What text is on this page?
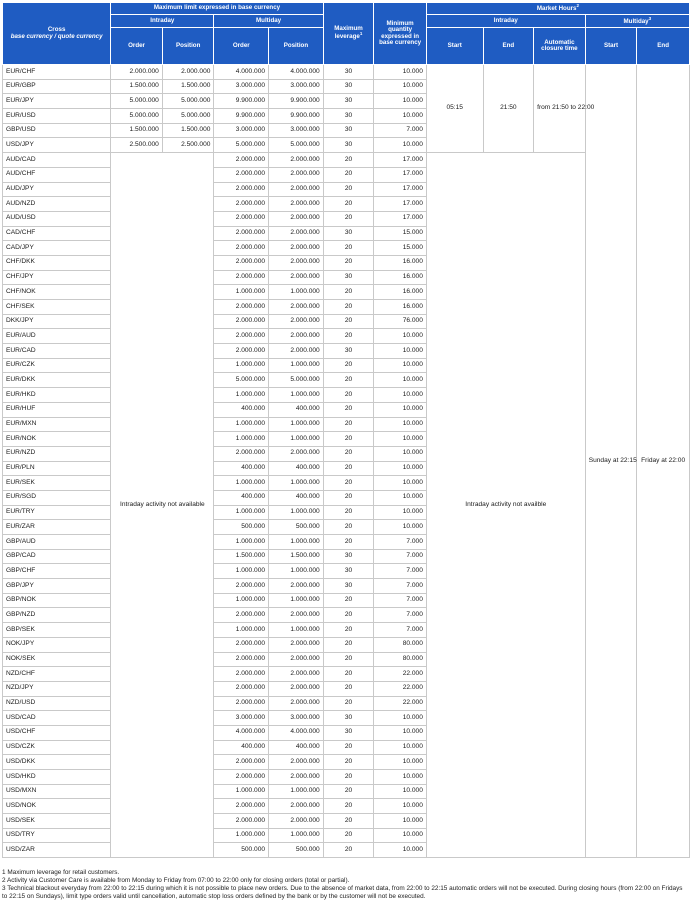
Cross
base currency / quote currency	Maximum limit expressed in base currency				Maximum leverage$^1$	Minimum quantity expressed in base currency	Market Hours$^2$
	Intraday		Multiday				Intraday			Multiday$^3$
	Order	Position	Order	Position			Start	End	Automatic closure time	Start	End
EUR/CHF	2.000.000	2.000.000	4.000.000	4.000.000	30	10.000	05:15	21:50	from 21:50 to 22:00	Sunday at 22:15	Friday at 22:00
EUR/GBP	1.500.000	1.500.000	3.000.000	3.000.000	30	10.000					
EUR/JPY	5.000.000	5.000.000	9.900.000	9.900.000	30	10.000					
EUR/USD	5.000.000	5.000.000	9.900.000	9.900.000	30	10.000					
GBP/USD	1.500.000	1.500.000	3.000.000	3.000.000	30	7.000					
USD/JPY	2.500.000	2.500.000	5.000.000	5.000.000	30	10.000					
AUD/CAD	Intraday activity not available		2.000.000	2.000.000	20	17.000	Intraday activity not availble				
AUD/CHF			2.000.000	2.000.000	20	17.000					
AUD/JPY			2.000.000	2.000.000	20	17.000					
AUD/NZD			2.000.000	2.000.000	20	17.000					
AUD/USD			2.000.000	2.000.000	20	17.000					
CAD/CHF			2.000.000	2.000.000	30	15.000					
CAD/JPY			2.000.000	2.000.000	20	15.000					
CHF/DKK			2.000.000	2.000.000	20	16.000					
CHF/JPY			2.000.000	2.000.000	30	16.000					
CHF/NOK			1.000.000	1.000.000	20	16.000					
CHF/SEK			2.000.000	2.000.000	20	16.000					
DKK/JPY			2.000.000	2.000.000	20	76.000					
EUR/AUD			2.000.000	2.000.000	20	10.000					
EUR/CAD			2.000.000	2.000.000	30	10.000					
EUR/CZK			1.000.000	1.000.000	20	10.000					
EUR/DKK			5.000.000	5.000.000	20	10.000					
EUR/HKD			1.000.000	1.000.000	20	10.000					
EUR/HUF			400.000	400.000	20	10.000					
EUR/MXN			1.000.000	1.000.000	20	10.000					
EUR/NOK			1.000.000	1.000.000	20	10.000					
EUR/NZD			2.000.000	2.000.000	20	10.000					
EUR/PLN			400.000	400.000	20	10.000					
EUR/SEK			1.000.000	1.000.000	20	10.000					
EUR/SGD			400.000	400.000	20	10.000					
EUR/TRY			1.000.000	1.000.000	20	10.000					
EUR/ZAR			500.000	500.000	20	10.000					
GBP/AUD			1.000.000	1.000.000	20	7.000					
GBP/CAD			1.500.000	1.500.000	30	7.000					
GBP/CHF			1.000.000	1.000.000	30	7.000					
GBP/JPY			2.000.000	2.000.000	30	7.000					
GBP/NOK			1.000.000	1.000.000	20	7.000					
GBP/NZD			2.000.000	2.000.000	20	7.000					
GBP/SEK			1.000.000	1.000.000	20	7.000					
NOK/JPY			2.000.000	2.000.000	20	80.000					
NOK/SEK			2.000.000	2.000.000	20	80.000					
NZD/CHF			2.000.000	2.000.000	20	22.000					
NZD/JPY			2.000.000	2.000.000	20	22.000					
NZD/USD			2.000.000	2.000.000	20	22.000					
USD/CAD			3.000.000	3.000.000	30	10.000					
USD/CHF			4.000.000	4.000.000	30	10.000					
USD/CZK			400.000	400.000	20	10.000					
USD/DKK			2.000.000	2.000.000	20	10.000					
USD/HKD			2.000.000	2.000.000	20	10.000					
USD/MXN			1.000.000	1.000.000	20	10.000					
USD/NOK			2.000.000	2.000.000	20	10.000					
USD/SEK			2.000.000	2.000.000	20	10.000					
USD/TRY			1.000.000	1.000.000	20	10.000					
USD/ZAR			500.000	500.000	20	10.000					
1 Maximum leverage for retail customers.
2 Activity via Customer Care is available from Monday to Friday from 07:00 to 22:00 only for closing orders (total or partial).
3 Technical blackout everyday from 22:00 to 22:15 during which it is not possible to place new orders. Due to the absence of market data, from 22:00 to 22:15 automatic orders will not be executed. During closing hours (from 22:00 on Fridays to 22:15 on Sundays), limit type orders valid until cancellation, automatic stop loss orders defined by the bank or by the customer will not be executed.
